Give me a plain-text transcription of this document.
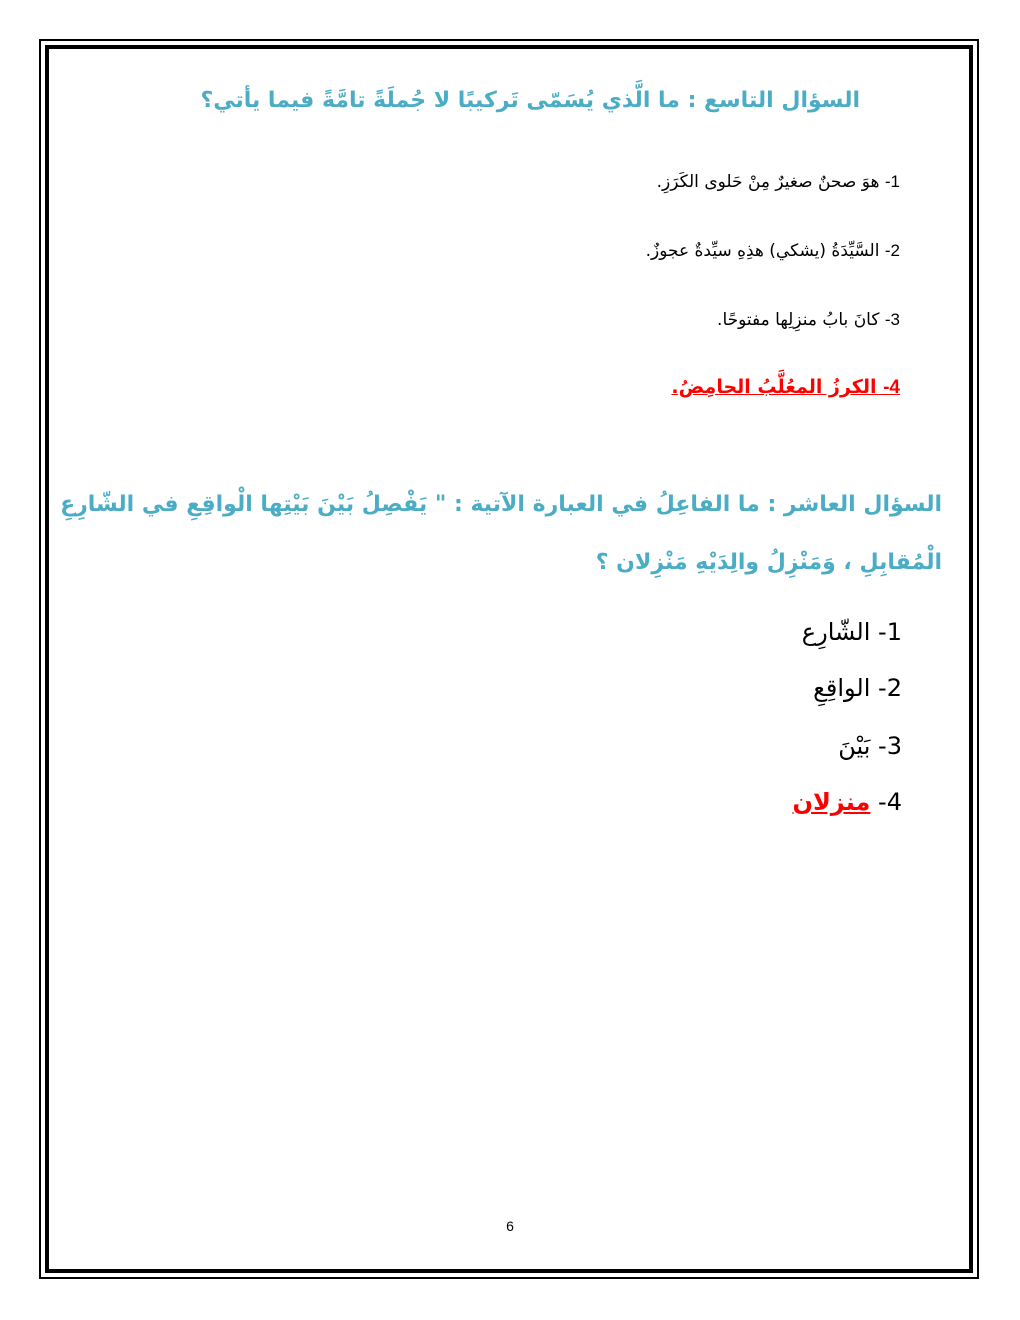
السؤال التاسع : ما الَّذي يُسَمّى تَركيبًا لا جُملَةً تامَّةً فيما يأتي؟
1- هوَ صحنٌ صغيرٌ مِنْ حَلوى الكَرَزِ.
2- السَّيِّدَةُ (يشكي) هذِهِ سيِّدةٌ عجوزٌ.
3- كانَ بابُ منزِلِها مفتوحًا.
4- الكرزُ المعُلَّبُ الحامِضُ.
السؤال العاشر : ما الفاعِلُ في العبارة الآتية : " يَفْصِلُ بَيْنَ بَيْتِها الْواقِعِ في الشّارِعِ
الْمُقابِلِ ، وَمَنْزِلُ والِدَيْهِ مَنْزِلان ؟
1- الشّارِع
2- الواقِعِ
3- بَيْنَ
4- منزلان
6
